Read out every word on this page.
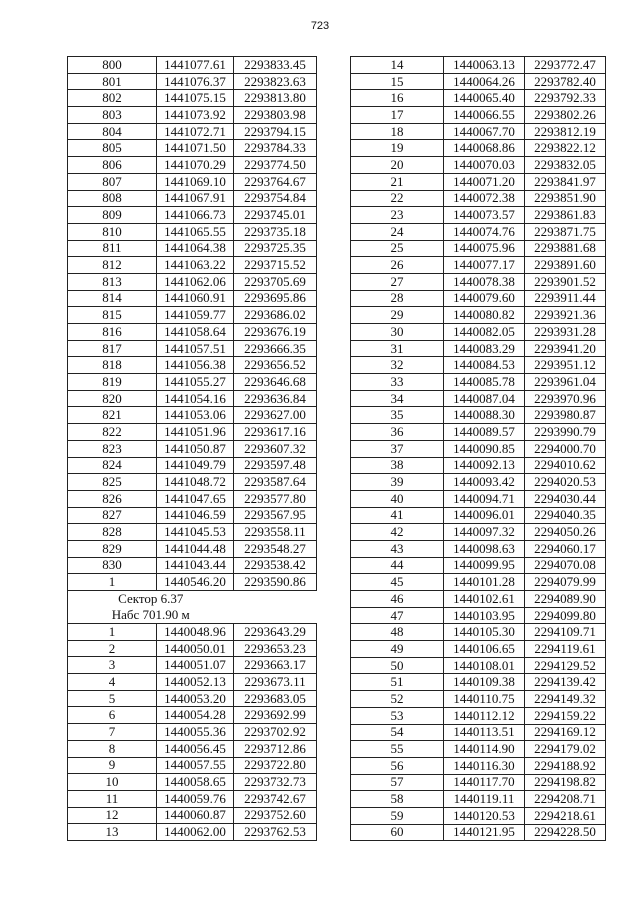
723
800	1441077.61	2293833.45
801	1441076.37	2293823.63
802	1441075.15	2293813.80
803	1441073.92	2293803.98
804	1441072.71	2293794.15
805	1441071.50	2293784.33
806	1441070.29	2293774.50
807	1441069.10	2293764.67
808	1441067.91	2293754.84
809	1441066.73	2293745.01
810	1441065.55	2293735.18
811	1441064.38	2293725.35
812	1441063.22	2293715.52
813	1441062.06	2293705.69
814	1441060.91	2293695.86
815	1441059.77	2293686.02
816	1441058.64	2293676.19
817	1441057.51	2293666.35
818	1441056.38	2293656.52
819	1441055.27	2293646.68
820	1441054.16	2293636.84
821	1441053.06	2293627.00
822	1441051.96	2293617.16
823	1441050.87	2293607.32
824	1441049.79	2293597.48
825	1441048.72	2293587.64
826	1441047.65	2293577.80
827	1441046.59	2293567.95
828	1441045.53	2293558.11
829	1441044.48	2293548.27
830	1441043.44	2293538.42
1	1440546.20	2293590.86
Сектор 6.37		
Набс 701.90 м		
1	1440048.96	2293643.29
2	1440050.01	2293653.23
3	1440051.07	2293663.17
4	1440052.13	2293673.11
5	1440053.20	2293683.05
6	1440054.28	2293692.99
7	1440055.36	2293702.92
8	1440056.45	2293712.86
9	1440057.55	2293722.80
10	1440058.65	2293732.73
11	1440059.76	2293742.67
12	1440060.87	2293752.60
13	1440062.00	2293762.53
14	1440063.13	2293772.47
15	1440064.26	2293782.40
16	1440065.40	2293792.33
17	1440066.55	2293802.26
18	1440067.70	2293812.19
19	1440068.86	2293822.12
20	1440070.03	2293832.05
21	1440071.20	2293841.97
22	1440072.38	2293851.90
23	1440073.57	2293861.83
24	1440074.76	2293871.75
25	1440075.96	2293881.68
26	1440077.17	2293891.60
27	1440078.38	2293901.52
28	1440079.60	2293911.44
29	1440080.82	2293921.36
30	1440082.05	2293931.28
31	1440083.29	2293941.20
32	1440084.53	2293951.12
33	1440085.78	2293961.04
34	1440087.04	2293970.96
35	1440088.30	2293980.87
36	1440089.57	2293990.79
37	1440090.85	2294000.70
38	1440092.13	2294010.62
39	1440093.42	2294020.53
40	1440094.71	2294030.44
41	1440096.01	2294040.35
42	1440097.32	2294050.26
43	1440098.63	2294060.17
44	1440099.95	2294070.08
45	1440101.28	2294079.99
46	1440102.61	2294089.90
47	1440103.95	2294099.80
48	1440105.30	2294109.71
49	1440106.65	2294119.61
50	1440108.01	2294129.52
51	1440109.38	2294139.42
52	1440110.75	2294149.32
53	1440112.12	2294159.22
54	1440113.51	2294169.12
55	1440114.90	2294179.02
56	1440116.30	2294188.92
57	1440117.70	2294198.82
58	1440119.11	2294208.71
59	1440120.53	2294218.61
60	1440121.95	2294228.50
